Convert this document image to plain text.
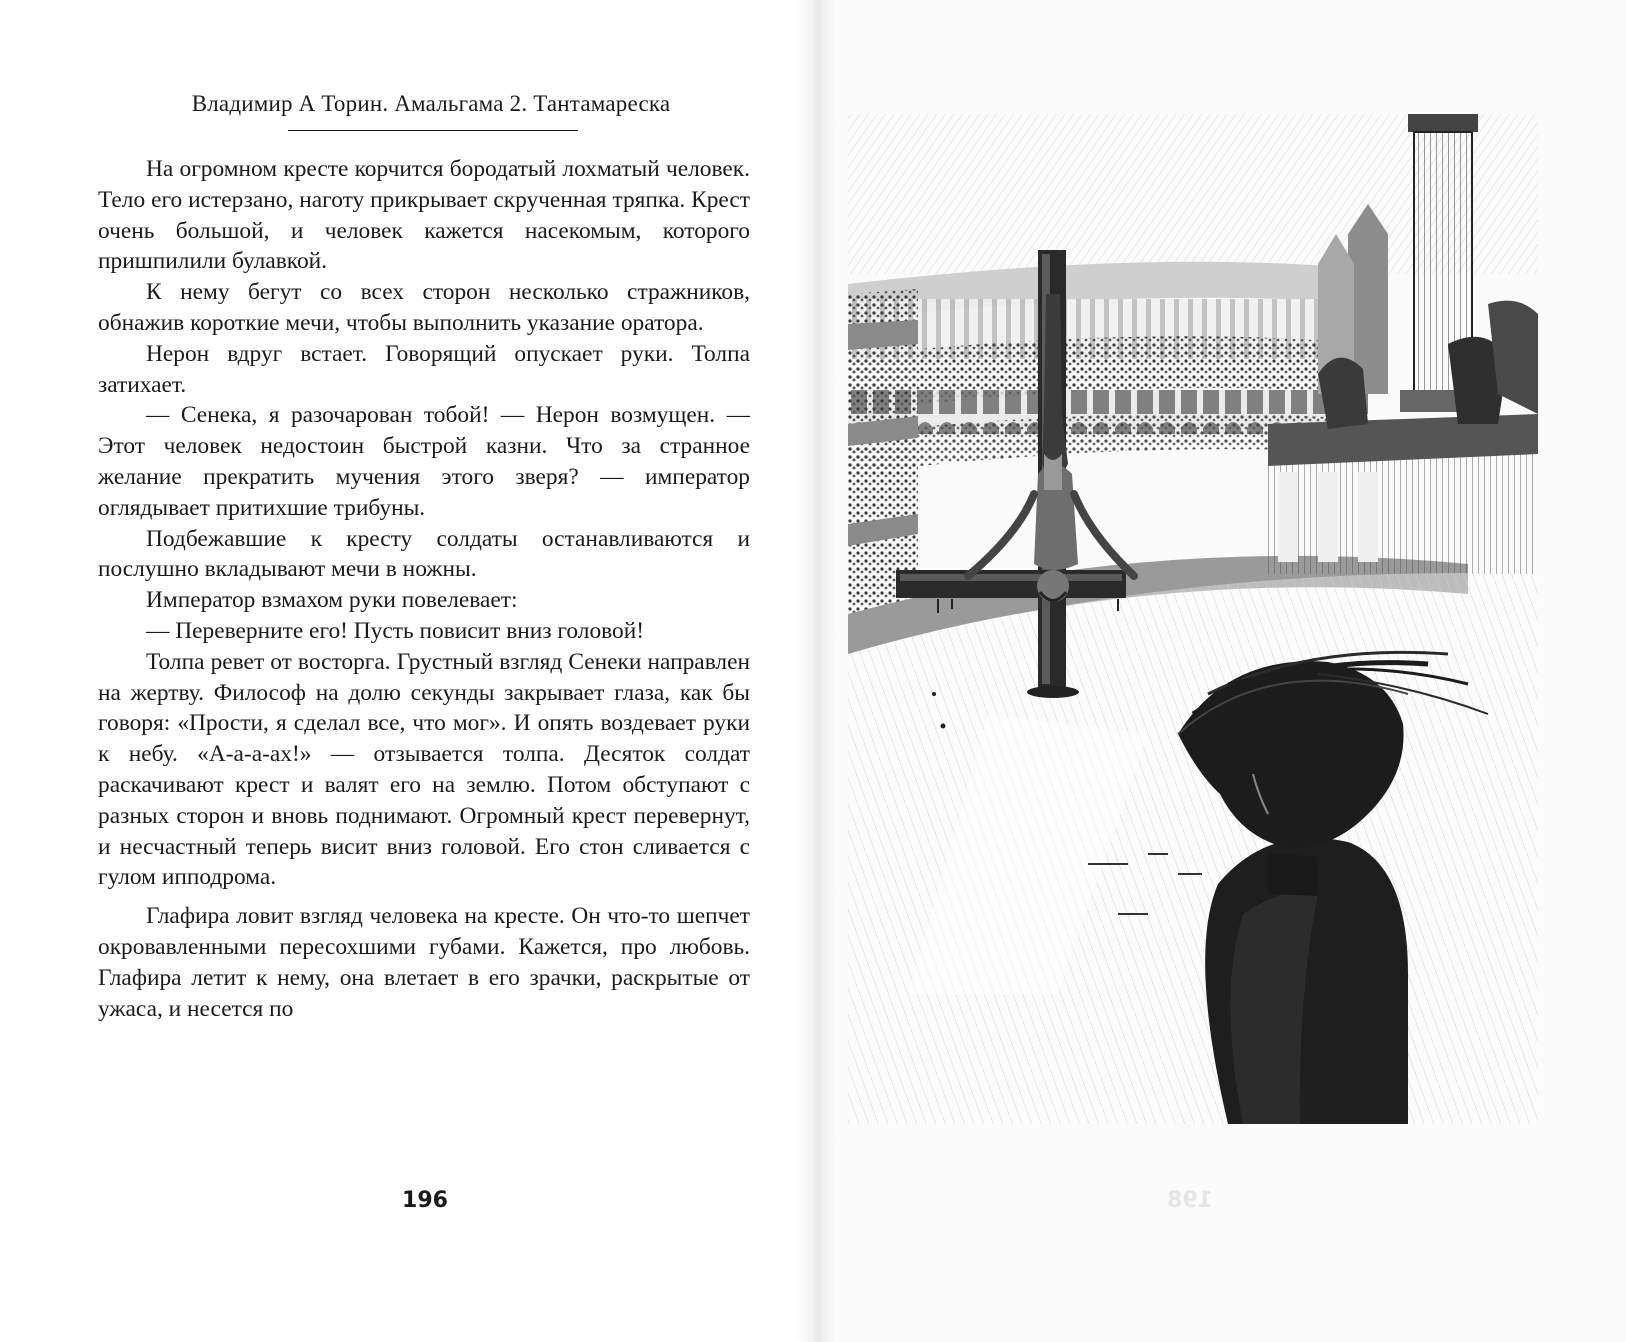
Владимир А Торин. Амальгама 2. Тантамареска

На огромном кресте корчится бородатый лохматый человек. Тело его истерзано, наготу прикрывает скрученная тряпка. Крест очень большой, и человек кажется насекомым, которого пришпилили булавкой.

К нему бегут со всех сторон несколько стражников, обнажив короткие мечи, чтобы выполнить указание оратора.

Нерон вдруг встает. Говорящий опускает руки. Толпа затихает.

— Сенека, я разочарован тобой! — Нерон возмущен. — Этот человек недостоин быстрой казни. Что за странное желание прекратить мучения этого зверя? — император оглядывает притихшие трибуны.

Подбежавшие к кресту солдаты останавливаются и послушно вкладывают мечи в ножны.

Император взмахом руки повелевает:

— Переверните его! Пусть повисит вниз головой!

Толпа ревет от восторга. Грустный взгляд Сенеки направлен на жертву. Философ на долю секунды закрывает глаза, как бы говоря: «Прости, я сделал все, что мог». И опять воздевает руки к небу. «А-а-а-ах!» — отзывается толпа. Десяток солдат раскачивают крест и валят его на землю. Потом обступают с разных сторон и вновь поднимают. Огромный крест перевернут, и несчастный теперь висит вниз головой. Его стон сливается с гулом ипподрома.

Глафира ловит взгляд человека на кресте. Он что-то шепчет окровавленными пересохшими губами. Кажется, про любовь. Глафира летит к нему, она влетает в его зрачки, раскрытые от ужаса, и несется по

196	198
